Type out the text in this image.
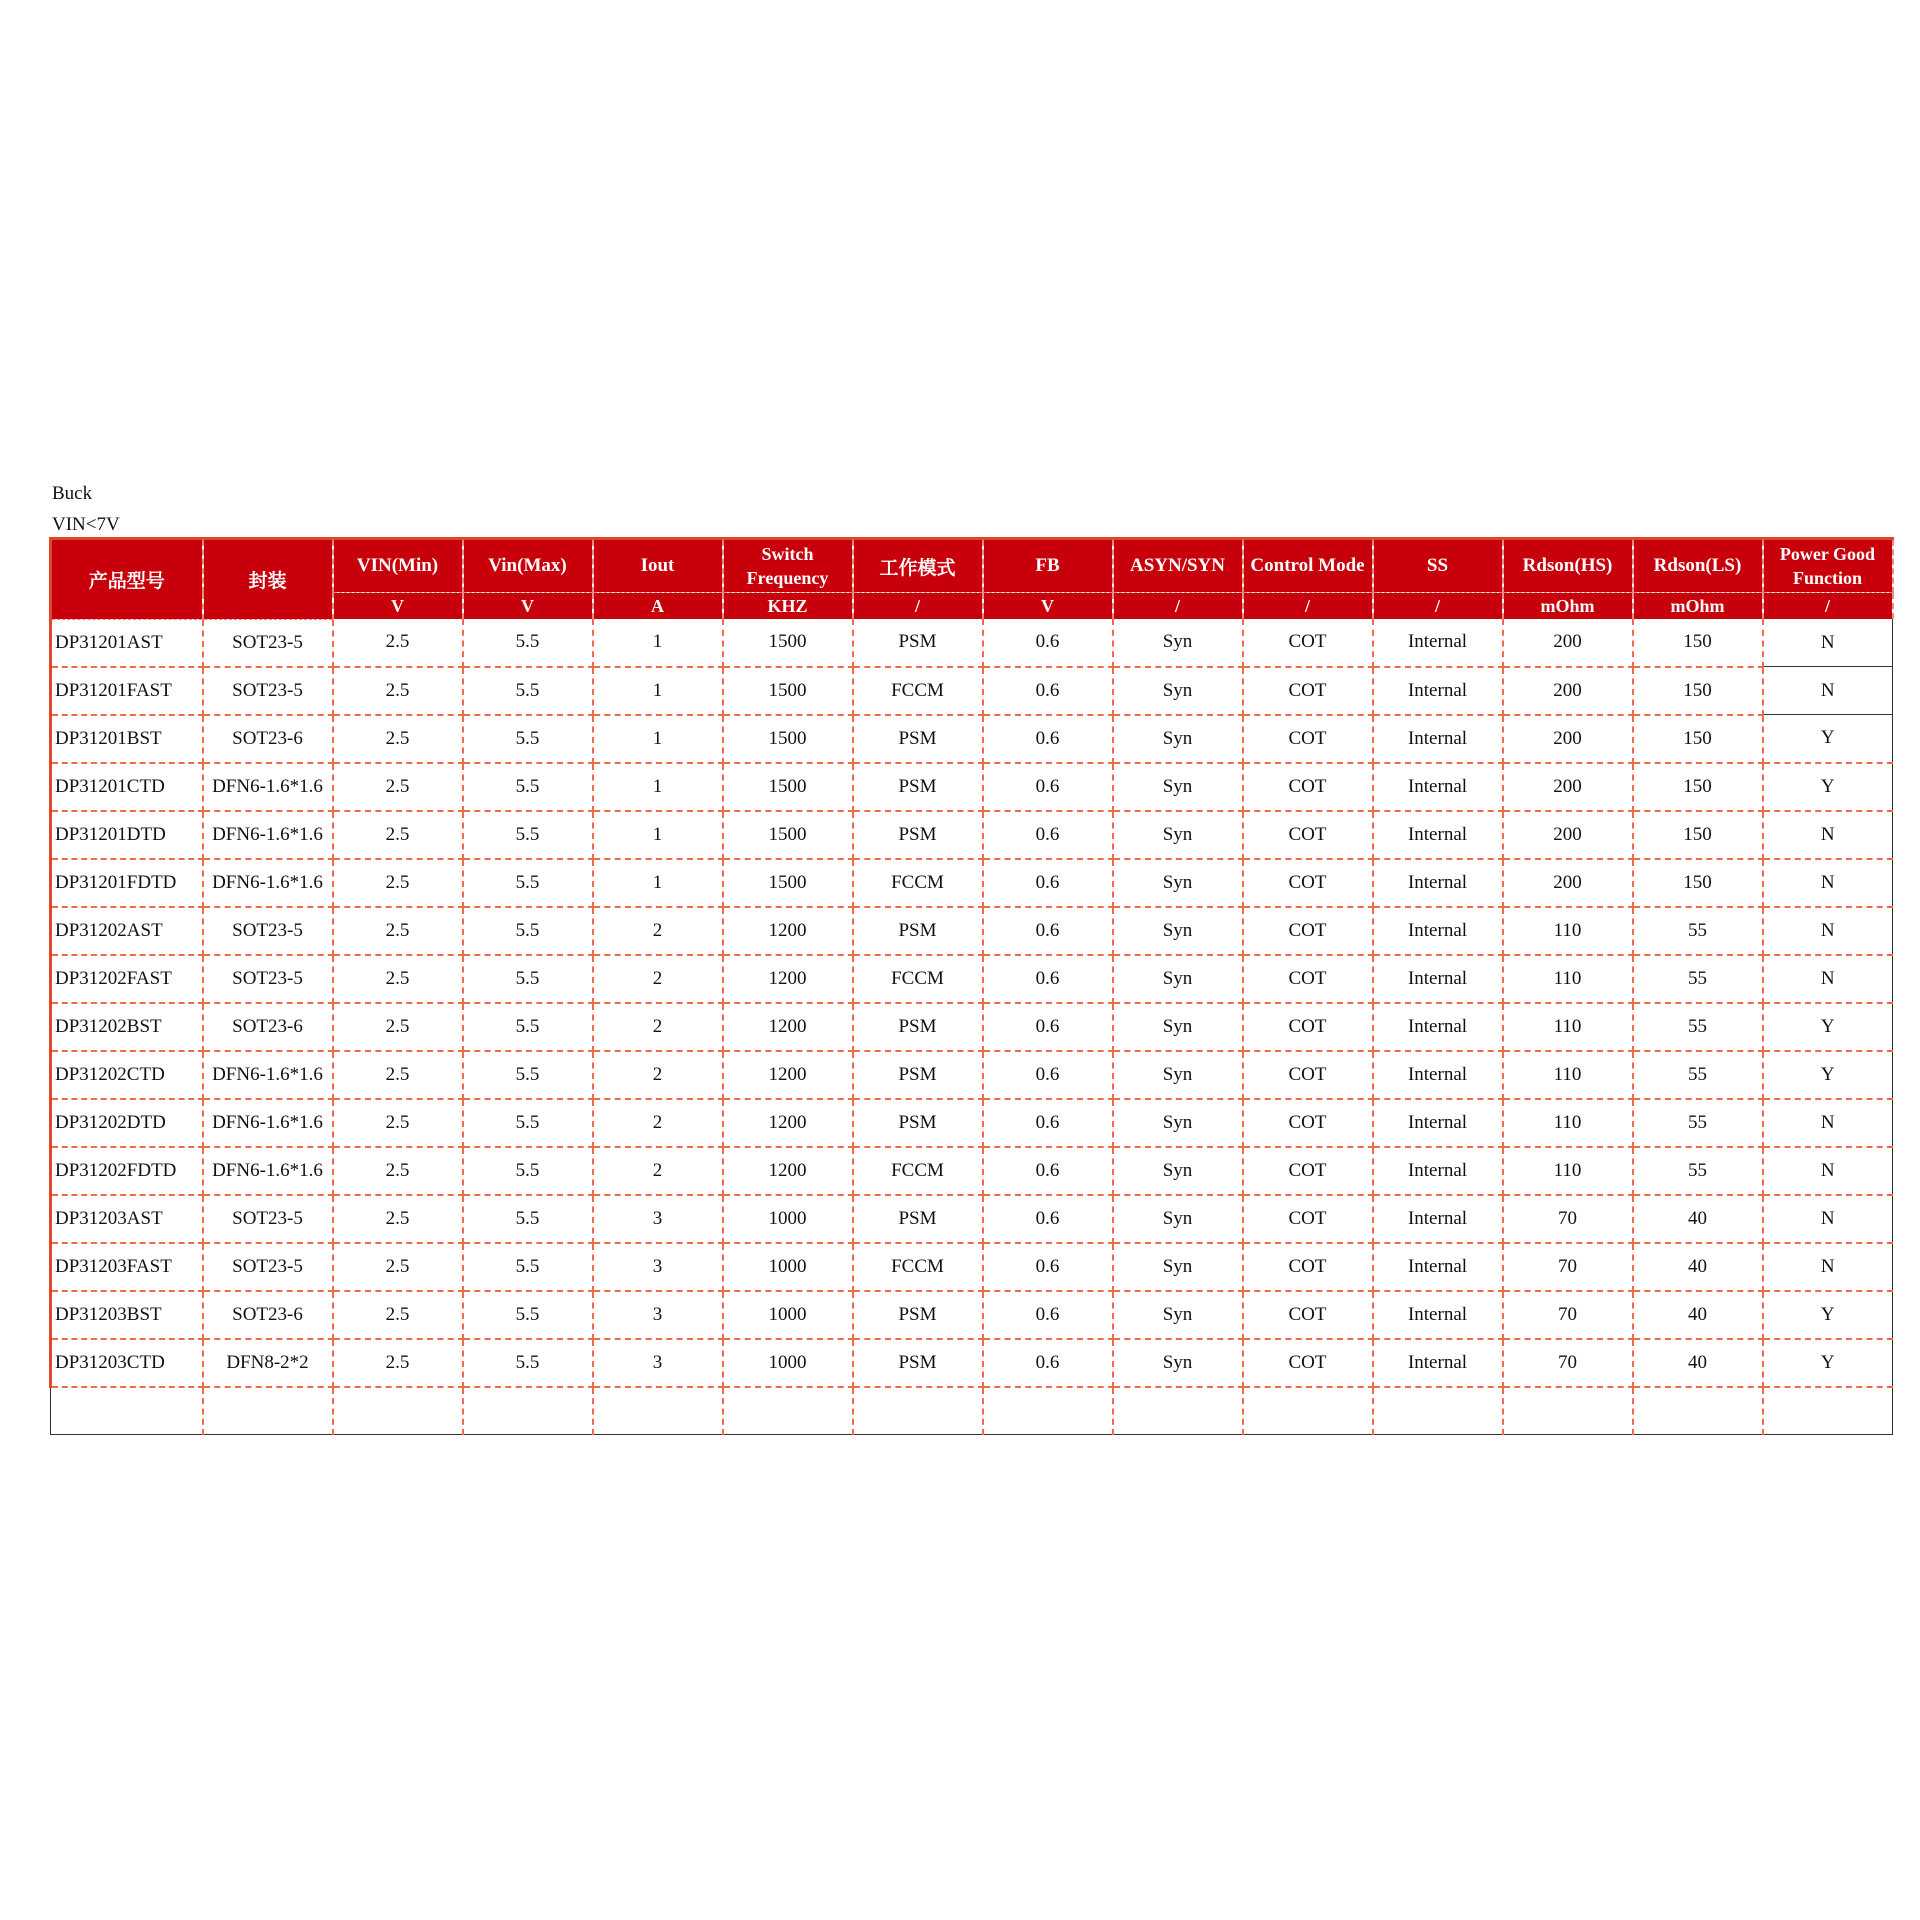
Buck
VIN<7V
产品型号	封装	VIN(Min)	Vin(Max)	Iout	Switch Frequency	工作模式	FB	ASYN/SYN	Control Mode	SS	Rdson(HS)	Rdson(LS)	Power Good Function
		V	V	A	KHZ	/	V	/	/	/	mOhm	mOhm	/
DP31201AST	SOT23-5	2.5	5.5	1	1500	PSM	0.6	Syn	COT	Internal	200	150	N
DP31201FAST	SOT23-5	2.5	5.5	1	1500	FCCM	0.6	Syn	COT	Internal	200	150	N
DP31201BST	SOT23-6	2.5	5.5	1	1500	PSM	0.6	Syn	COT	Internal	200	150	Y
DP31201CTD	DFN6-1.6*1.6	2.5	5.5	1	1500	PSM	0.6	Syn	COT	Internal	200	150	Y
DP31201DTD	DFN6-1.6*1.6	2.5	5.5	1	1500	PSM	0.6	Syn	COT	Internal	200	150	N
DP31201FDTD	DFN6-1.6*1.6	2.5	5.5	1	1500	FCCM	0.6	Syn	COT	Internal	200	150	N
DP31202AST	SOT23-5	2.5	5.5	2	1200	PSM	0.6	Syn	COT	Internal	110	55	N
DP31202FAST	SOT23-5	2.5	5.5	2	1200	FCCM	0.6	Syn	COT	Internal	110	55	N
DP31202BST	SOT23-6	2.5	5.5	2	1200	PSM	0.6	Syn	COT	Internal	110	55	Y
DP31202CTD	DFN6-1.6*1.6	2.5	5.5	2	1200	PSM	0.6	Syn	COT	Internal	110	55	Y
DP31202DTD	DFN6-1.6*1.6	2.5	5.5	2	1200	PSM	0.6	Syn	COT	Internal	110	55	N
DP31202FDTD	DFN6-1.6*1.6	2.5	5.5	2	1200	FCCM	0.6	Syn	COT	Internal	110	55	N
DP31203AST	SOT23-5	2.5	5.5	3	1000	PSM	0.6	Syn	COT	Internal	70	40	N
DP31203FAST	SOT23-5	2.5	5.5	3	1000	FCCM	0.6	Syn	COT	Internal	70	40	N
DP31203BST	SOT23-6	2.5	5.5	3	1000	PSM	0.6	Syn	COT	Internal	70	40	Y
DP31203CTD	DFN8-2*2	2.5	5.5	3	1000	PSM	0.6	Syn	COT	Internal	70	40	Y
